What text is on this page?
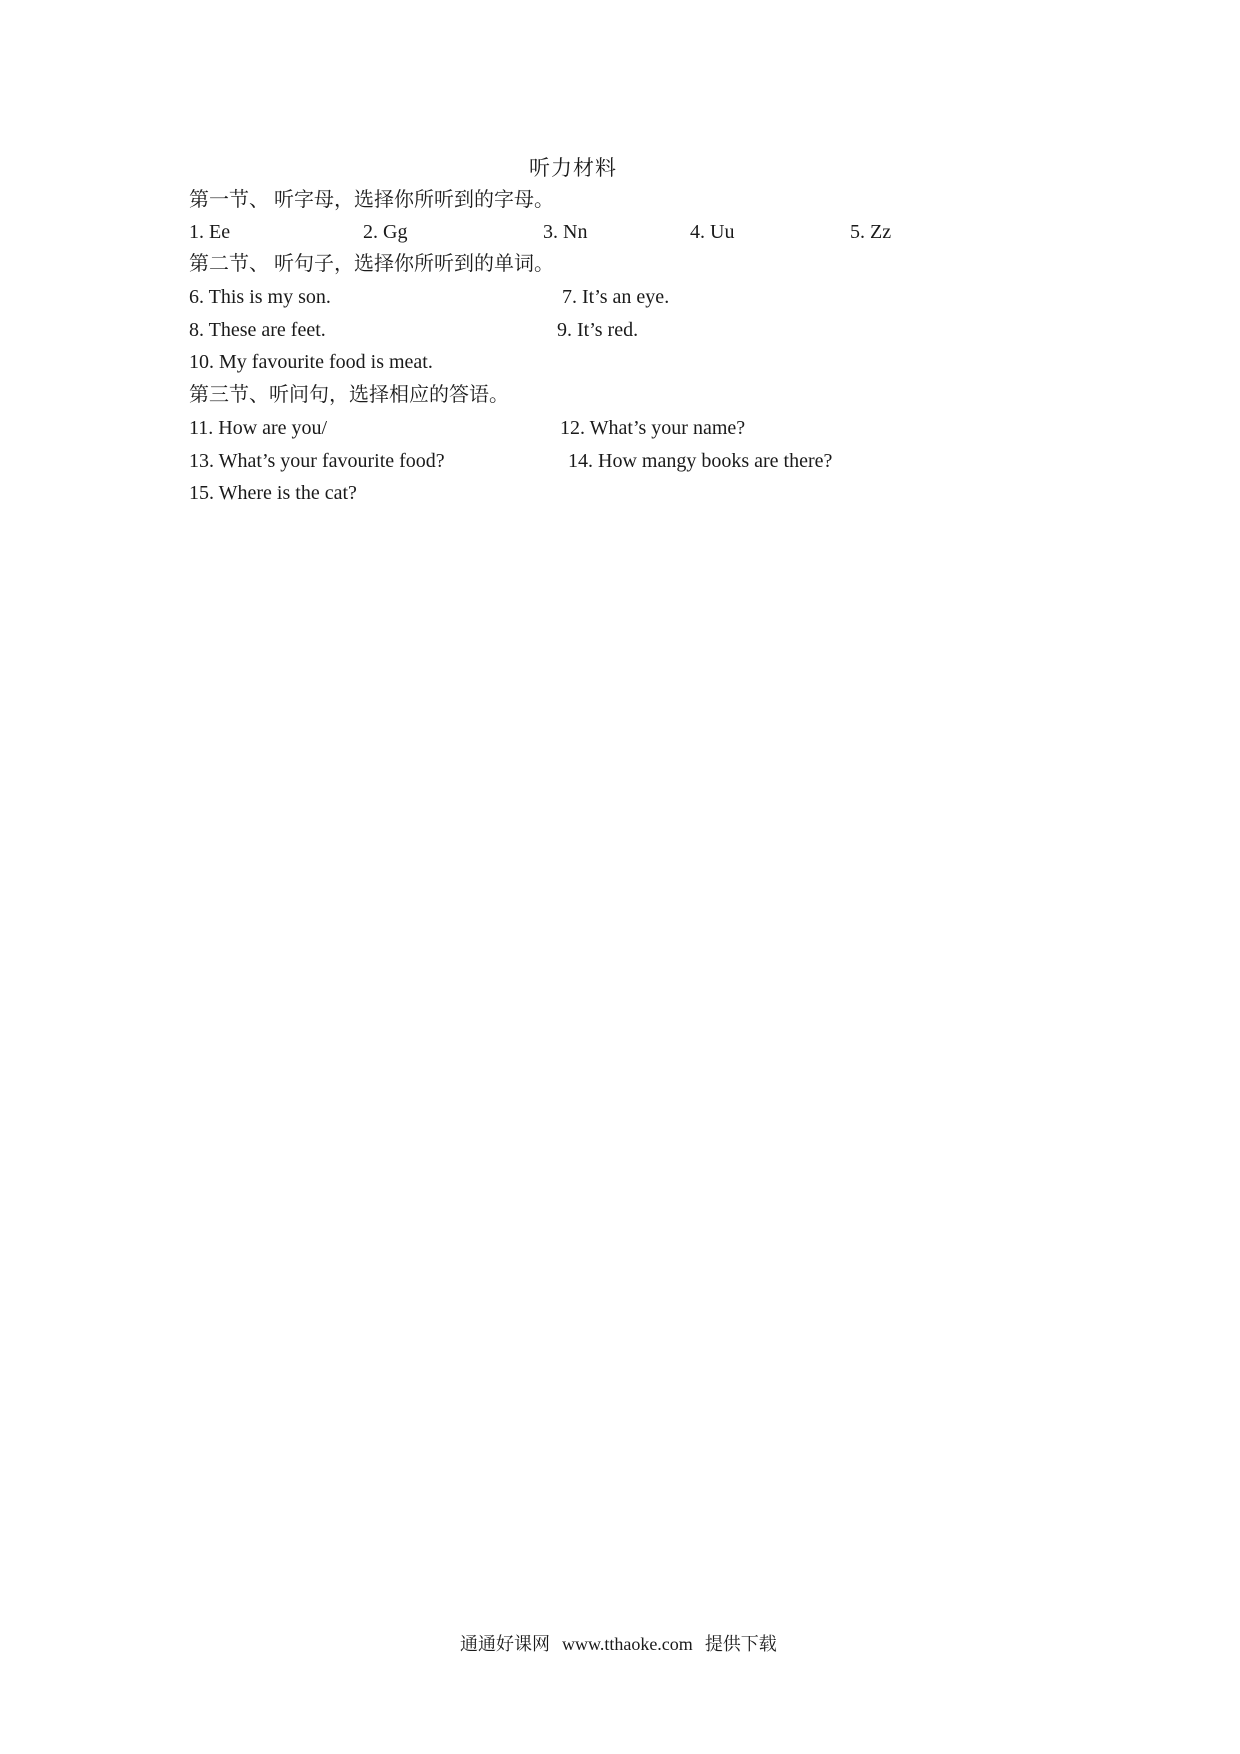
听力材料
第一节、 听字母，选择你所听到的字母。
1. Ee	2. Gg	3. Nn	4. Uu	5. Zz
第二节、 听句子，选择你所听到的单词。
6. This is my son.	7. It’s an eye.
8. These are feet.	9. It’s red.
10. My favourite food is meat.
第三节、听问句，选择相应的答语。
11. How are you/	12. What’s your name?
13. What’s your favourite food?	14. How mangy books are there?
15. Where is the cat?
通通好课网 www.tthaoke.com 提供下载
